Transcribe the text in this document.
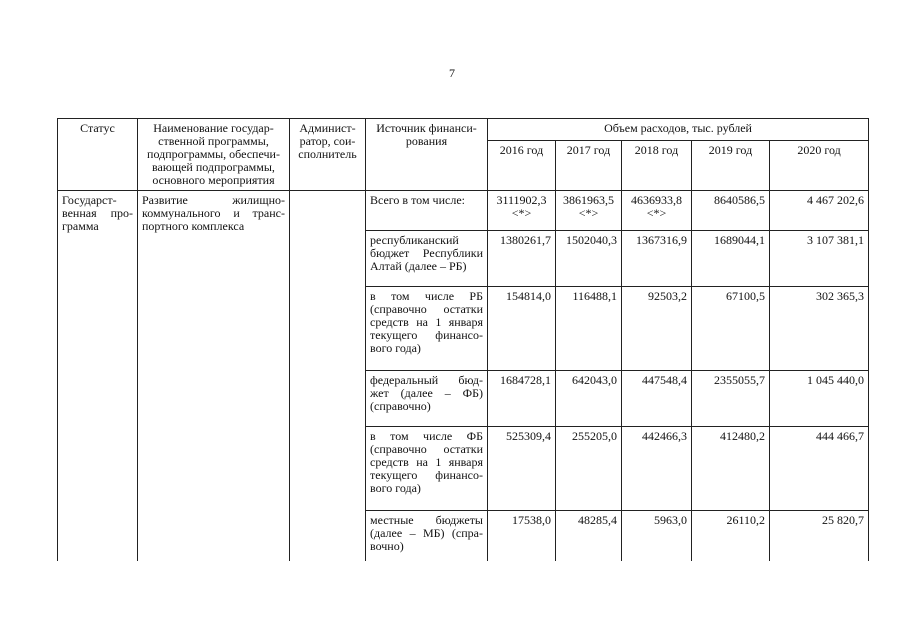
7
Статус	Наименование государ-ственной программы, подпрограммы, обеспечи-вающей подпрограммы, основного мероприятия	Админист-ратор, сои-сполнитель	Источник финанси-рования	Объем расходов, тыс. рублей				
				2016 год	2017 год	2018 год	2019 год	2020 год
Государст-венная про-грамма	Развитие жилищно-коммунального и транс-портного комплекса		Всего в том числе:	3111902,3 <*>	3861963,5 <*>	4636933,8 <*>	8640586,5	4 467 202,6
			республиканский бюджет Республики Алтай (далее – РБ)	1380261,7	1502040,3	1367316,9	1689044,1	3 107 381,1
			в том числе РБ (справочно остатки средств на 1 января текущего финансо-вого года)	154814,0	116488,1	92503,2	67100,5	302 365,3
			федеральный бюд-жет (далее – ФБ) (справочно)	1684728,1	642043,0	447548,4	2355055,7	1 045 440,0
			в том числе ФБ (справочно остатки средств на 1 января текущего финансо-вого года)	525309,4	255205,0	442466,3	412480,2	444 466,7
			местные бюджеты (далее – МБ) (спра-вочно)	17538,0	48285,4	5963,0	26110,2	25 820,7
